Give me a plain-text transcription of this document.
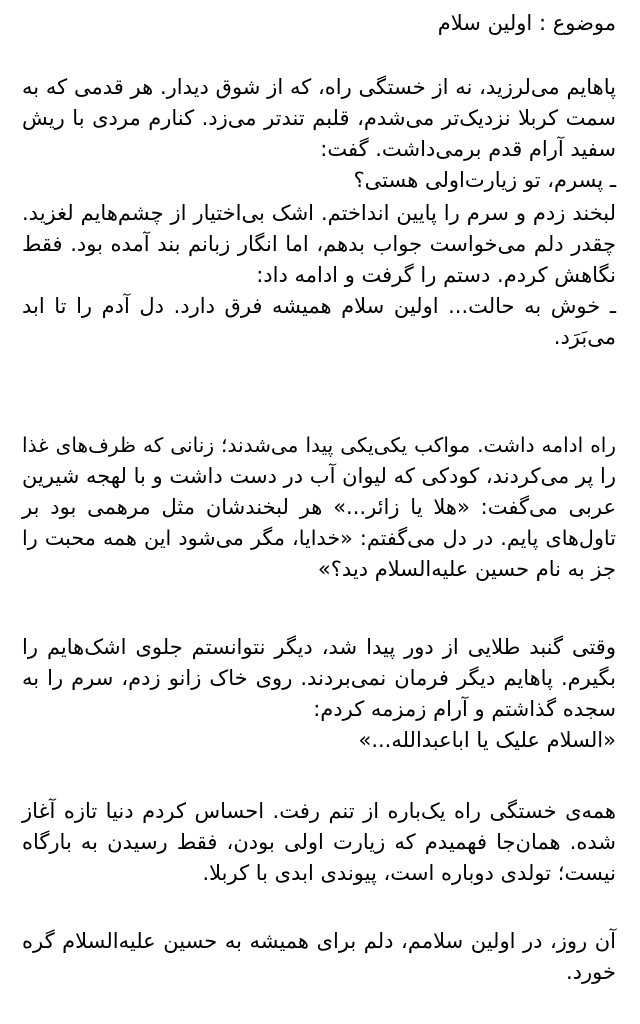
موضوع : اولین سلام

پاهایم می‌لرزید، نه از خستگی راه، که از شوق دیدار. هر قدمی که به
سمت کربلا نزدیک‌تر می‌شدم، قلبم تندتر می‌زد. کنارم مردی با ریش
سفید آرام قدم برمی‌داشت. گفت:
ـ پسرم، تو زیارت‌اولی هستی؟

لبخند زدم و سرم را پایین انداختم. اشک بی‌اختیار از چشم‌هایم لغزید.
چقدر دلم می‌خواست جواب بدهم، اما انگار زبانم بند آمده بود. فقط
نگاهش کردم. دستم را گرفت و ادامه داد:
ـ خوش به حالت... اولین سلام همیشه فرق دارد. دل آدم را تا ابد
می‌بَرَد.

راه ادامه داشت. مواکب یکی‌یکی پیدا می‌شدند؛ زنانی که ظرف‌های غذا
را پر می‌کردند، کودکی که لیوان آب در دست داشت و با لهجه شیرین
عربی می‌گفت: «هلا یا زائر...» هر لبخندشان مثل مرهمی بود بر
تاول‌های پایم. در دل می‌گفتم: «خدایا، مگر می‌شود این همه محبت را
جز به نام حسین علیه‌السلام دید؟»

وقتی گنبد طلایی از دور پیدا شد، دیگر نتوانستم جلوی اشک‌هایم را
بگیرم. پاهایم دیگر فرمان نمی‌بردند. روی خاک زانو زدم، سرم را به
سجده گذاشتم و آرام زمزمه کردم:
«السلام علیک یا اباعبدالله...»

همه‌ی خستگی راه یک‌باره از تنم رفت. احساس کردم دنیا تازه آغاز
شده. همان‌جا فهمیدم که زیارت اولی بودن، فقط رسیدن به بارگاه
نیست؛ تولدی دوباره است، پیوندی ابدی با کربلا.

آن روز، در اولین سلامم، دلم برای همیشه به حسین علیه‌السلام گره
خورد.
